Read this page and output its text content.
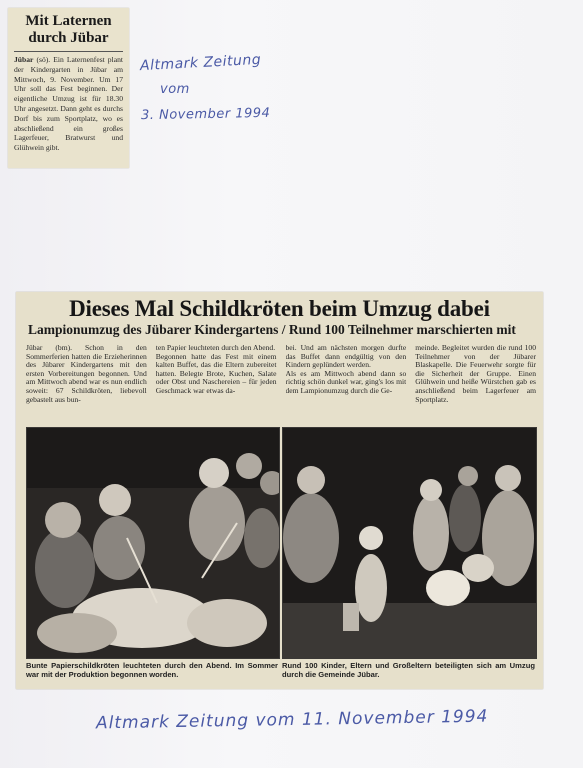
Mit Laternen
durch Jübar
Jübar (sö). Ein Laternenfest plant der Kindergarten in Jübar am Mittwoch, 9. November. Um 17 Uhr soll das Fest beginnen. Der eigentliche Umzug ist für 18.30 Uhr angesetzt. Dann geht es durchs Dorf bis zum Sportplatz, wo es abschließend ein großes Lagerfeuer, Bratwurst und Glühwein gibt.
Altmark Zeitung
vom
3. November 1994
Dieses Mal Schildkröten beim Umzug dabei
Lampionumzug des Jübarer Kindergartens / Rund 100 Teilnehmer marschierten mit

Jübar (bm). Schon in den Sommerferien hatten die Erzieherinnen des Jübarer Kindergartens mit den ersten Vorbereitungen begonnen. Und am Mittwoch abend war es nun endlich soweit: 67 Schildkröten, liebevoll gebastelt aus bun-

ten Papier leuchteten durch den Abend.

Begonnen hatte das Fest mit einem kalten Buffet, das die Eltern zubereitet hatten. Belegte Brote, Kuchen, Salate oder Obst und Naschereien – für jeden Geschmack war etwas da-

bei. Und am nächsten morgen durfte das Buffet dann endgültig von den Kindern geplündert werden.

Als es am Mittwoch abend dann so richtig schön dunkel war, ging's los mit dem Lampionumzug durch die Ge-

meinde. Begleitet wurden die rund 100 Teilnehmer von der Jübarer Blaskapelle. Die Feuerwehr sorgte für die Sicherheit der Gruppe. Einen Glühwein und heiße Würstchen gab es anschließend beim Lagerfeuer am Sportplatz.

Bunte Papierschildkröten leuchteten durch den Abend. Im Sommer war mit der Produktion begonnen worden.
Rund 100 Kinder, Eltern und Großeltern beteiligten sich am Umzug durch die Gemeinde Jübar.
Altmark Zeitung vom 11. November 1994
